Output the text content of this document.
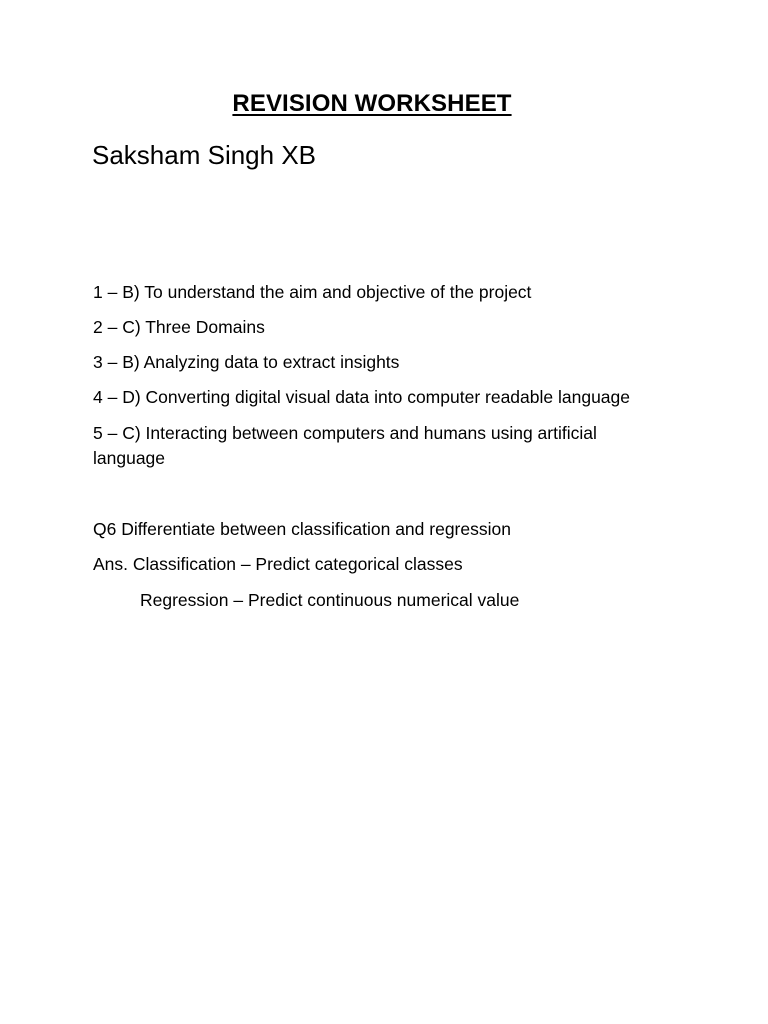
REVISION WORKSHEET
Saksham Singh XB
1 – B) To understand the aim and objective of the project
2 – C) Three Domains
3 – B) Analyzing data to extract insights
4 – D) Converting digital visual data into computer readable language
5 – C) Interacting between computers and humans using artificial language
Q6 Differentiate between classification and regression
Ans. Classification – Predict categorical classes
Regression – Predict continuous numerical value
